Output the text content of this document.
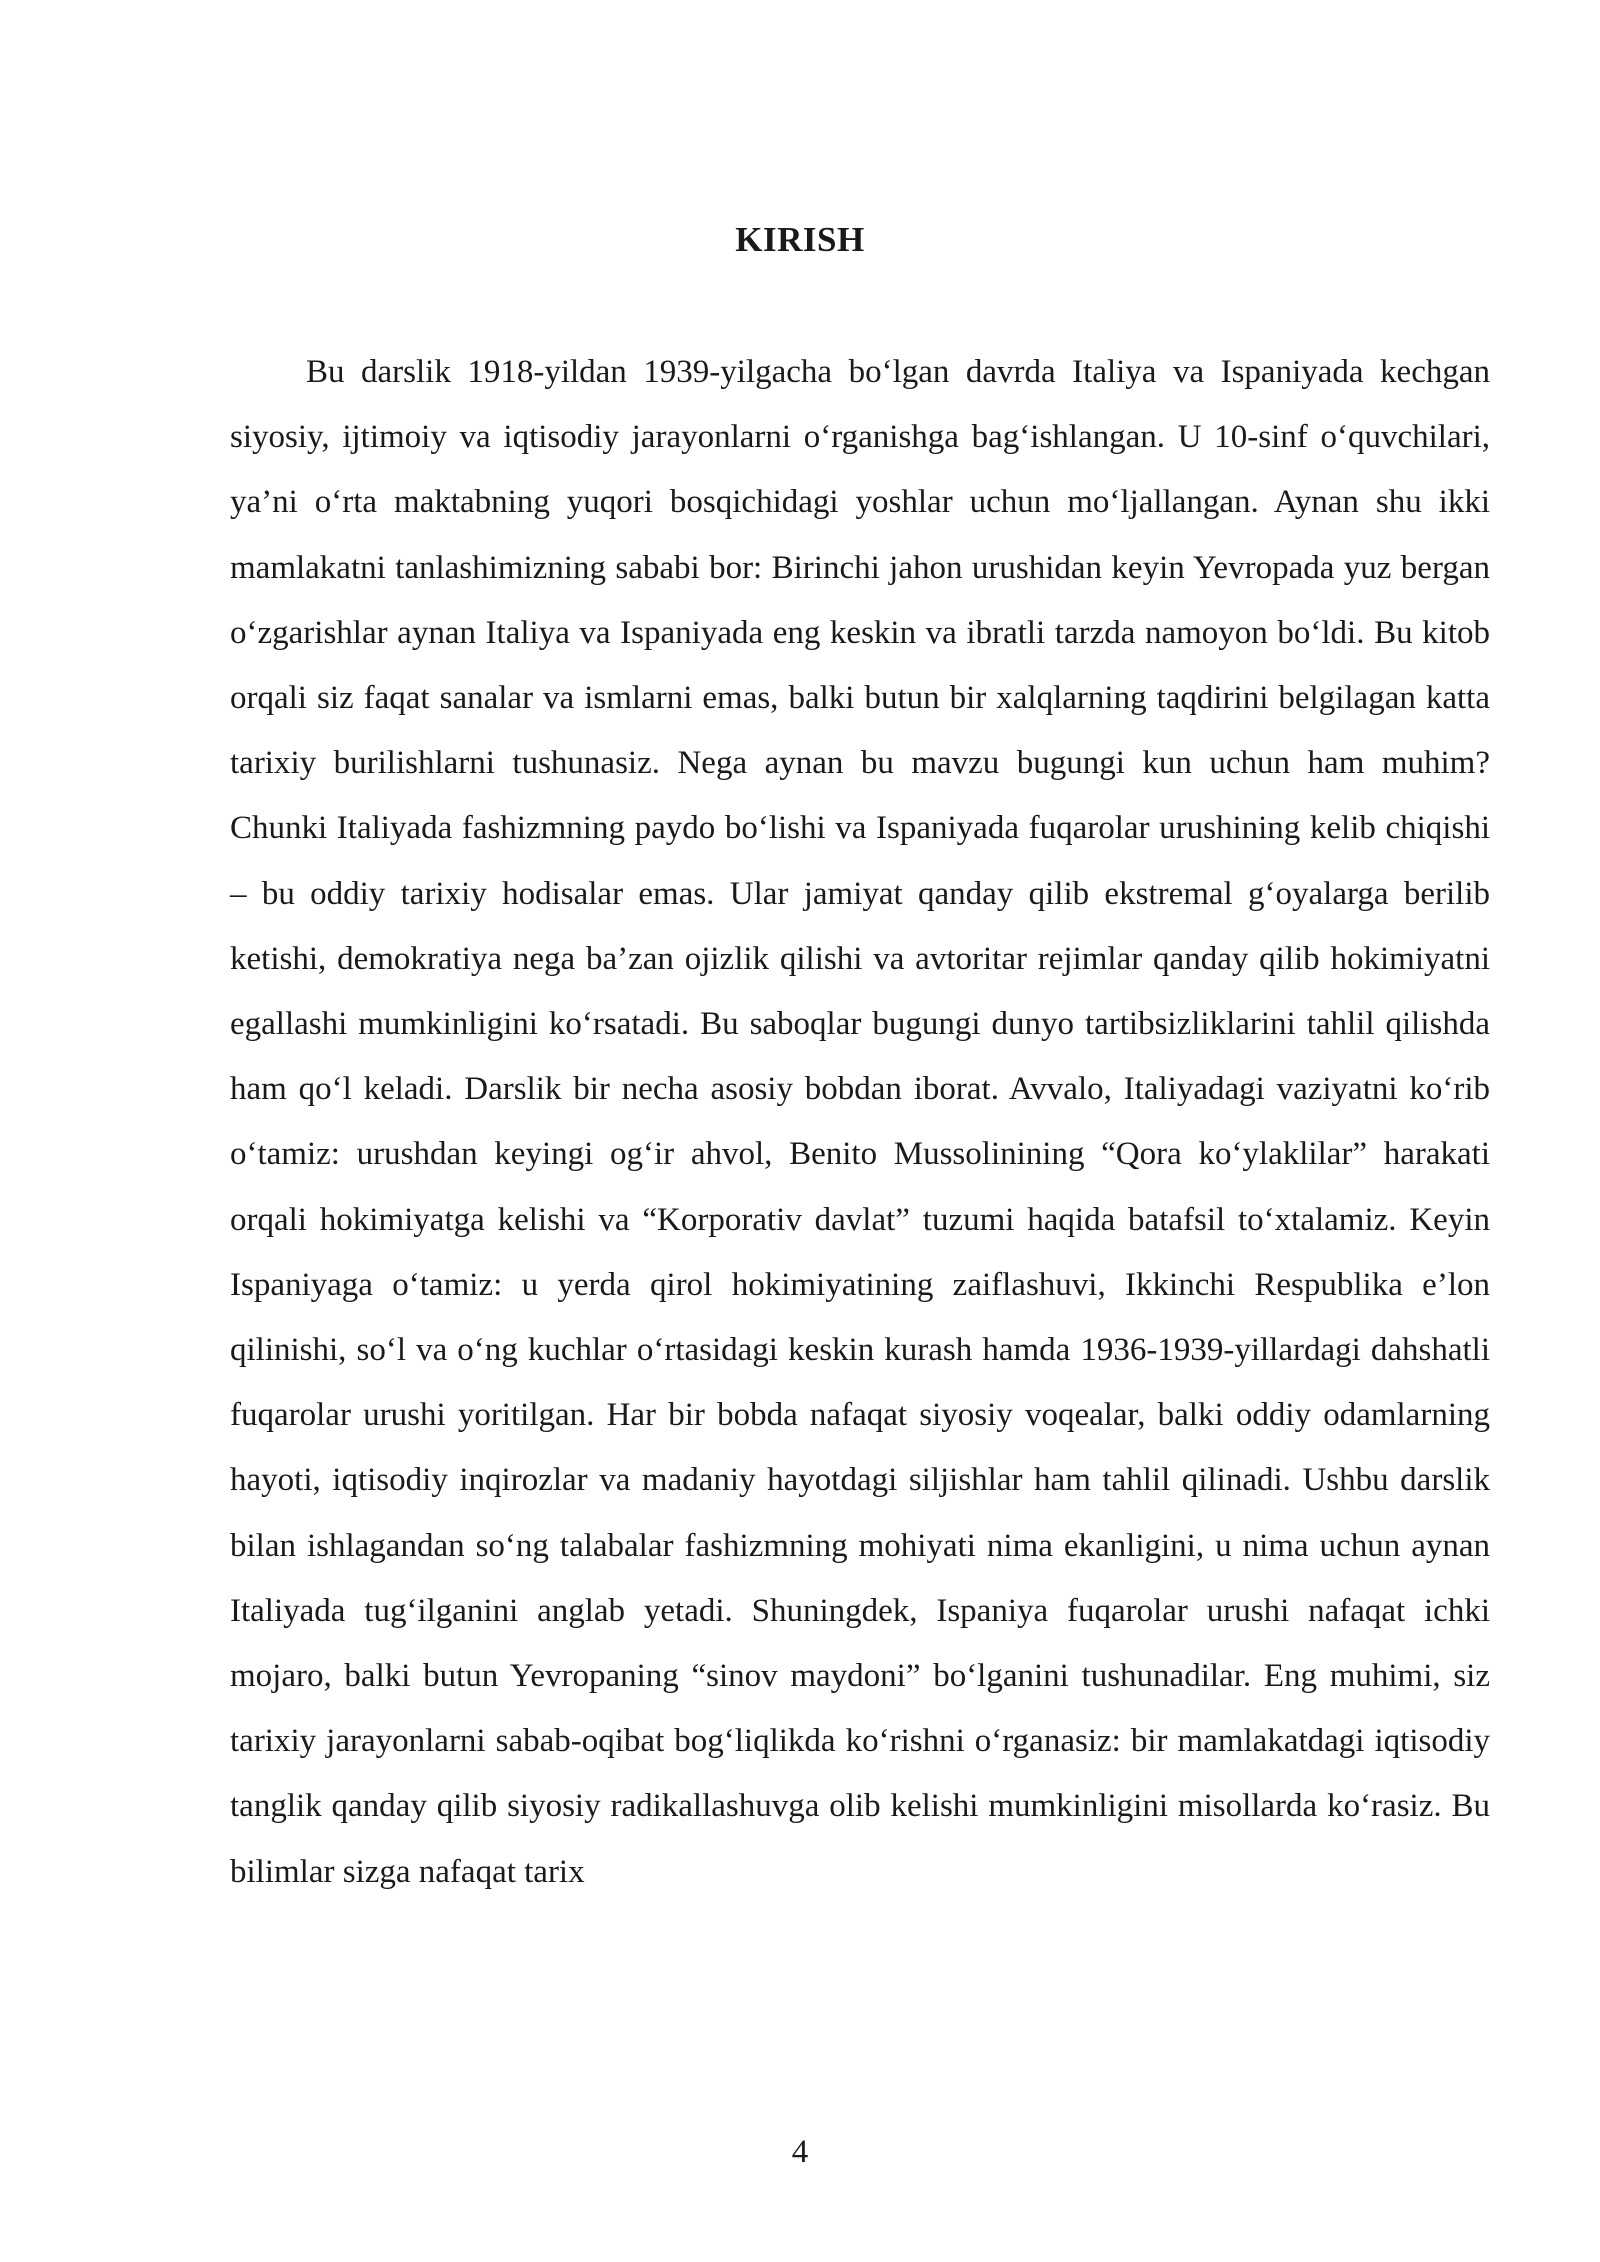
KIRISH

Bu darslik 1918-yildan 1939-yilgacha bo‘lgan davrda Italiya va Ispaniyada kechgan siyosiy, ijtimoiy va iqtisodiy jarayonlarni o‘rganishga bag‘ishlangan. U 10-sinf o‘quvchilari, ya’ni o‘rta maktabning yuqori bosqichidagi yoshlar uchun mo‘ljallangan. Aynan shu ikki mamlakatni tanlashimizning sababi bor: Birinchi jahon urushidan keyin Yevropada yuz bergan o‘zgarishlar aynan Italiya va Ispaniyada eng keskin va ibratli tarzda namoyon bo‘ldi. Bu kitob orqali siz faqat sanalar va ismlarni emas, balki butun bir xalqlarning taqdirini belgilagan katta tarixiy burilishlarni tushunasiz. Nega aynan bu mavzu bugungi kun uchun ham muhim? Chunki Italiyada fashizmning paydo bo‘lishi va Ispaniyada fuqarolar urushining kelib chiqishi – bu oddiy tarixiy hodisalar emas. Ular jamiyat qanday qilib ekstremal g‘oyalarga berilib ketishi, demokratiya nega ba’zan ojizlik qilishi va avtoritar rejimlar qanday qilib hokimiyatni egallashi mumkinligini ko‘rsatadi. Bu saboqlar bugungi dunyo tartibsizliklarini tahlil qilishda ham qo‘l keladi. Darslik bir necha asosiy bobdan iborat. Avvalo, Italiyadagi vaziyatni ko‘rib o‘tamiz: urushdan keyingi og‘ir ahvol, Benito Mussolinining “Qora ko‘ylaklilar” harakati orqali hokimiyatga kelishi va “Korporativ davlat” tuzumi haqida batafsil to‘xtalamiz. Keyin Ispaniyaga o‘tamiz: u yerda qirol hokimiyatining zaiflashuvi, Ikkinchi Respublika e’lon qilinishi, so‘l va o‘ng kuchlar o‘rtasidagi keskin kurash hamda 1936-1939-yillardagi dahshatli fuqarolar urushi yoritilgan. Har bir bobda nafaqat siyosiy voqealar, balki oddiy odamlarning hayoti, iqtisodiy inqirozlar va madaniy hayotdagi siljishlar ham tahlil qilinadi. Ushbu darslik bilan ishlagandan so‘ng talabalar fashizmning mohiyati nima ekanligini, u nima uchun aynan Italiyada tug‘ilganini anglab yetadi. Shuningdek, Ispaniya fuqarolar urushi nafaqat ichki mojaro, balki butun Yevropaning “sinov maydoni” bo‘lganini tushunadilar. Eng muhimi, siz tarixiy jarayonlarni sabab-oqibat bog‘liqlikda ko‘rishni o‘rganasiz: bir mamlakatdagi iqtisodiy tanglik qanday qilib siyosiy radikallashuvga olib kelishi mumkinligini misollarda ko‘rasiz. Bu bilimlar sizga nafaqat tarix

4
